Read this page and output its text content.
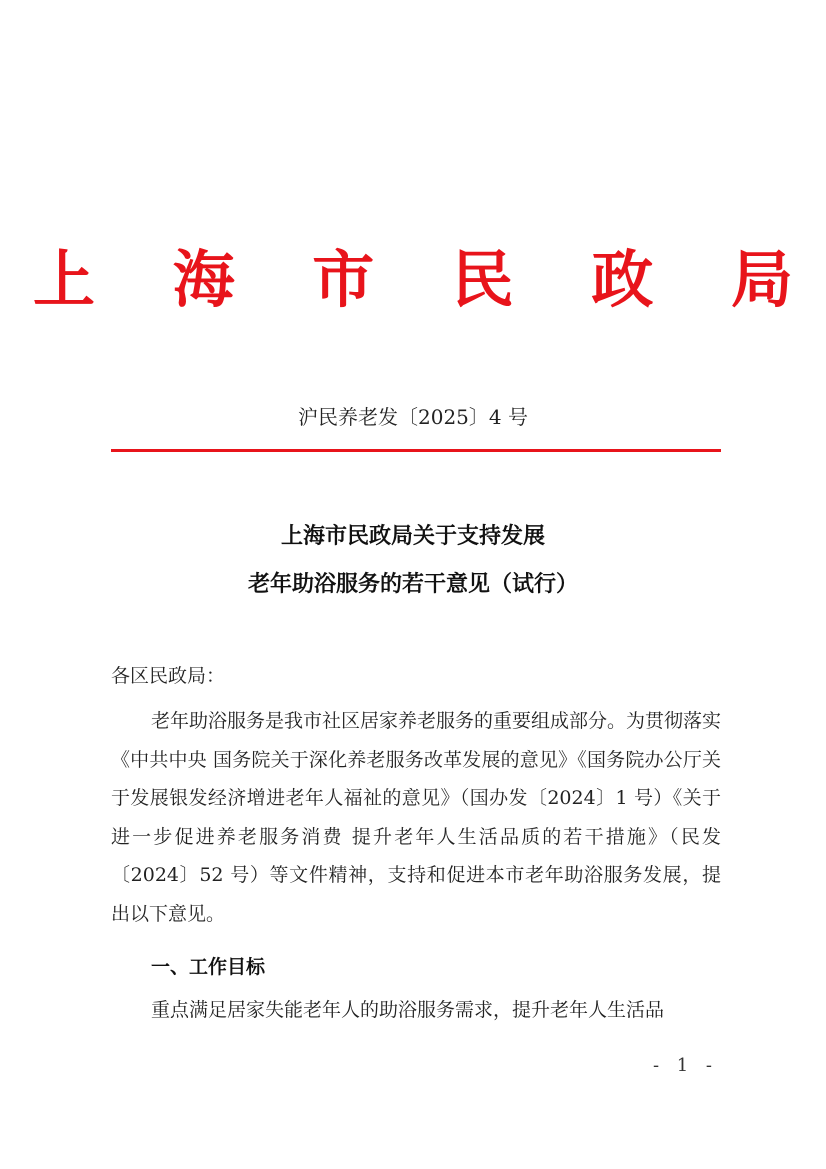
上 海 市 民 政 局
沪民养老发〔2025〕4 号
上海市民政局关于支持发展
老年助浴服务的若干意见（试行）
各区民政局：
老年助浴服务是我市社区居家养老服务的重要组成部分。为贯彻落实《中共中央 国务院关于深化养老服务改革发展的意见》《国务院办公厅关于发展银发经济增进老年人福祉的意见》（国办发〔2024〕1 号）《关于进一步促进养老服务消费 提升老年人生活品质的若干措施》（民发〔2024〕52 号）等文件精神，支持和促进本市老年助浴服务发展，提出以下意见。
一、工作目标
重点满足居家失能老年人的助浴服务需求，提升老年人生活品
- 1 -
